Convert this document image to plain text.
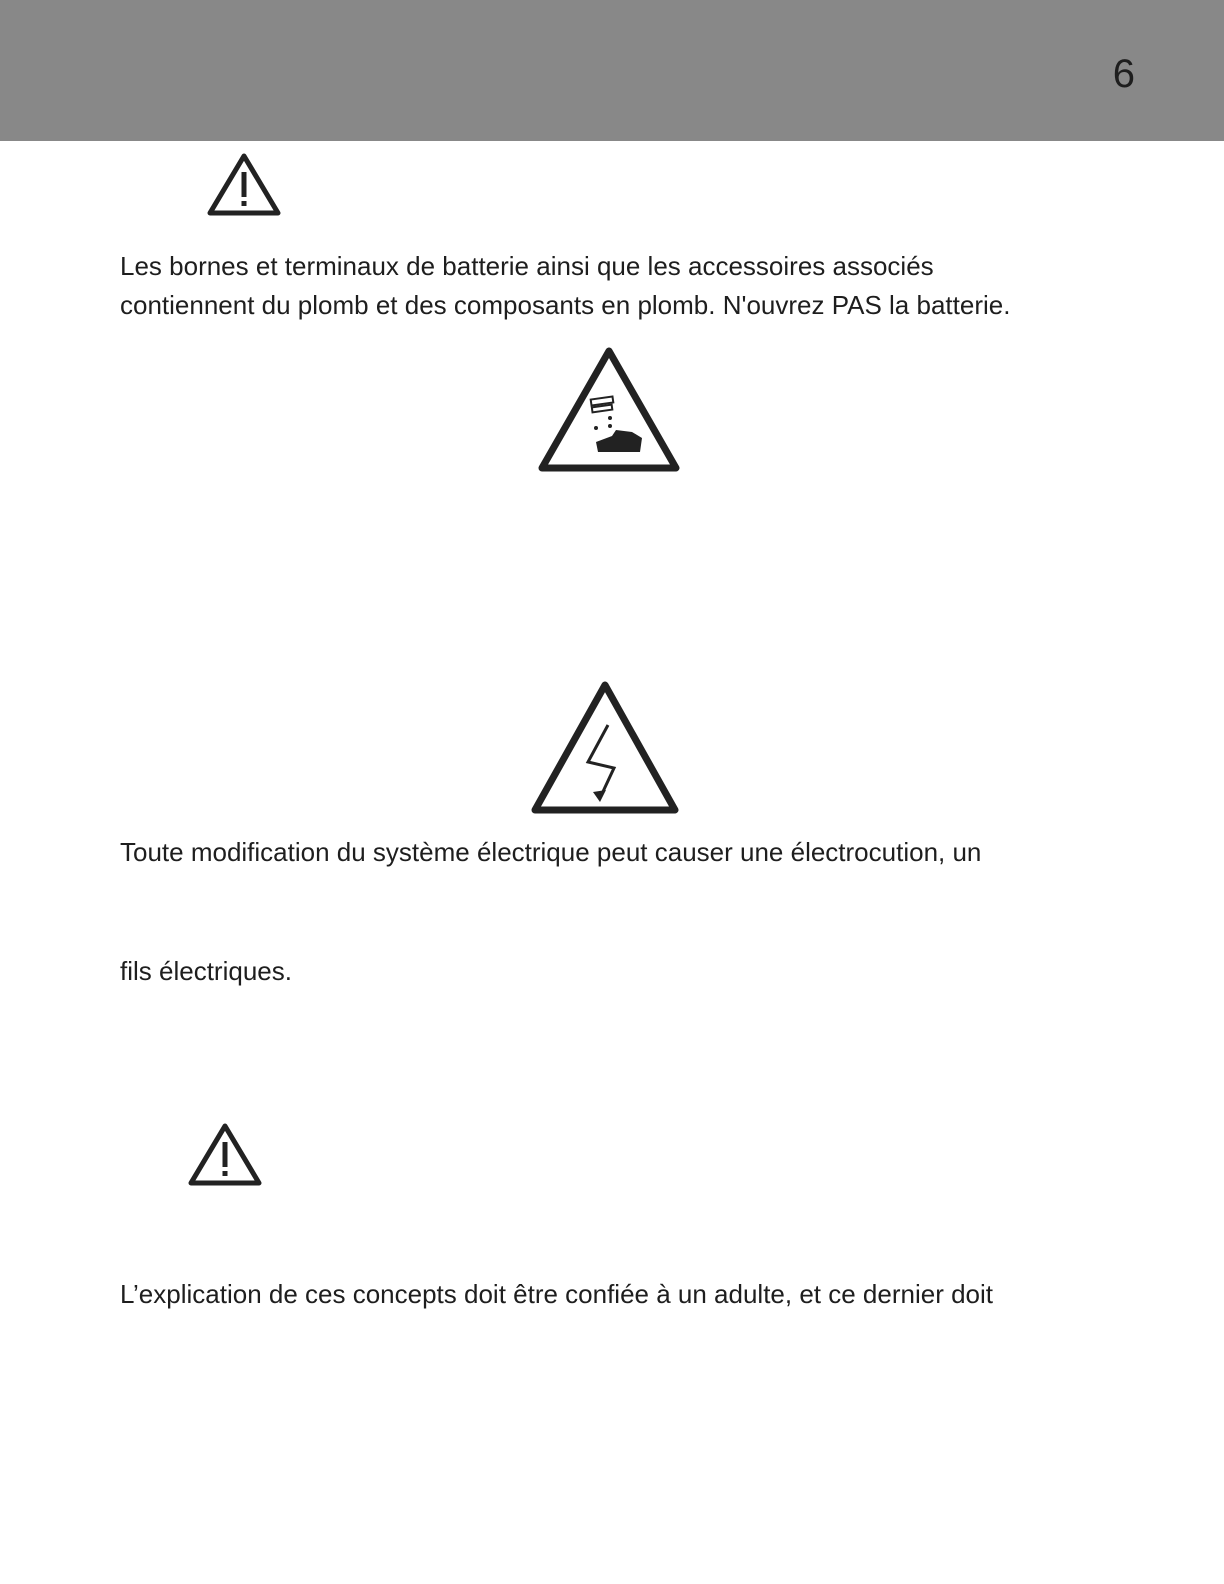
6
Les bornes et terminaux de batterie ainsi que les accessoires associés
contiennent du plomb et des composants en plomb. N'ouvrez PAS la batterie.
Toute modification du système électrique peut causer une électrocution, un
fils électriques.
L’explication de ces concepts doit être confiée à un adulte, et ce dernier doit
